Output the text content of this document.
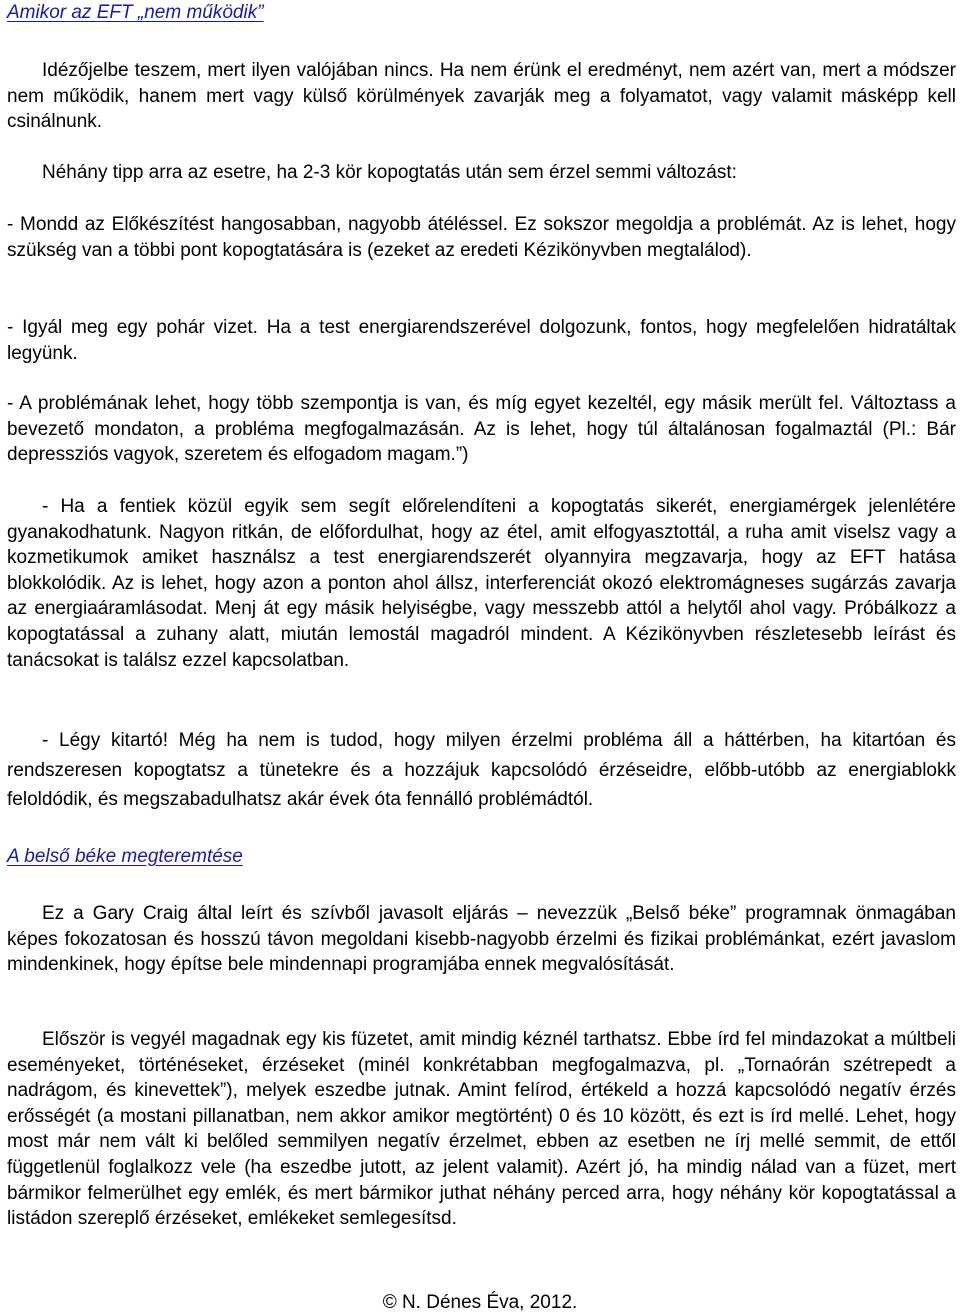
Amikor az EFT „nem működik”

Idézőjelbe teszem, mert ilyen valójában nincs. Ha nem érünk el eredményt, nem azért van, mert a módszer nem működik, hanem mert vagy külső körülmények zavarják meg a folyamatot, vagy valamit másképp kell csinálnunk.

Néhány tipp arra az esetre, ha 2-3 kör kopogtatás után sem érzel semmi változást:

- Mondd az Előkészítést hangosabban, nagyobb átéléssel. Ez sokszor megoldja a problémát. Az is lehet, hogy szükség van a többi pont kopogtatására is (ezeket az eredeti Kézikönyvben megtalálod).

- Igyál meg egy pohár vizet. Ha a test energiarendszerével dolgozunk, fontos, hogy megfelelően hidratáltak legyünk.

- A problémának lehet, hogy több szempontja is van, és míg egyet kezeltél, egy másik merült fel. Változtass a bevezető mondaton, a probléma megfogalmazásán. Az is lehet, hogy túl általánosan fogalmaztál (Pl.: Bár depressziós vagyok, szeretem és elfogadom magam.”)

- Ha a fentiek közül egyik sem segít előrelendíteni a kopogtatás sikerét, energiamérgek jelenlétére gyanakodhatunk. Nagyon ritkán, de előfordulhat, hogy az étel, amit elfogyasztottál, a ruha amit viselsz vagy a kozmetikumok amiket használsz a test energiarendszerét olyannyira megzavarja, hogy az EFT hatása blokkolódik. Az is lehet, hogy azon a ponton ahol állsz, interferenciát okozó elektromágneses sugárzás zavarja az energiaáramlásodat. Menj át egy másik helyiségbe, vagy messzebb attól a helytől ahol vagy. Próbálkozz a kopogtatással a zuhany alatt, miután lemostál magadról mindent. A Kézikönyvben részletesebb leírást és tanácsokat is találsz ezzel kapcsolatban.

- Légy kitartó! Még ha nem is tudod, hogy milyen érzelmi probléma áll a háttérben, ha kitartóan és rendszeresen kopogtatsz a tünetekre és a hozzájuk kapcsolódó érzéseidre, előbb-utóbb az energiablokk feloldódik, és megszabadulhatsz akár évek óta fennálló problémádtól.

A belső béke megteremtése

Ez a Gary Craig által leírt és szívből javasolt eljárás – nevezzük „Belső béke” programnak önmagában képes fokozatosan és hosszú távon megoldani kisebb-nagyobb érzelmi és fizikai problémánkat, ezért javaslom mindenkinek, hogy építse bele mindennapi programjába ennek megvalósítását.

Először is vegyél magadnak egy kis füzetet, amit mindig kéznél tarthatsz. Ebbe írd fel mindazokat a múltbeli eseményeket, történéseket, érzéseket (minél konkrétabban megfogalmazva, pl. „Tornaórán szétrepedt a nadrágom, és kinevettek”), melyek eszedbe jutnak. Amint felírod, értékeld a hozzá kapcsolódó negatív érzés erősségét (a mostani pillanatban, nem akkor amikor megtörtént) 0 és 10 között, és ezt is írd mellé. Lehet, hogy most már nem vált ki belőled semmilyen negatív érzelmet, ebben az esetben ne írj mellé semmit, de ettől függetlenül foglalkozz vele (ha eszedbe jutott, az jelent valamit). Azért jó, ha mindig nálad van a füzet, mert bármikor felmerülhet egy emlék, és mert bármikor juthat néhány perced arra, hogy néhány kör kopogtatással a listádon szereplő érzéseket, emlékeket semlegesítsd.

© N. Dénes Éva, 2012.
